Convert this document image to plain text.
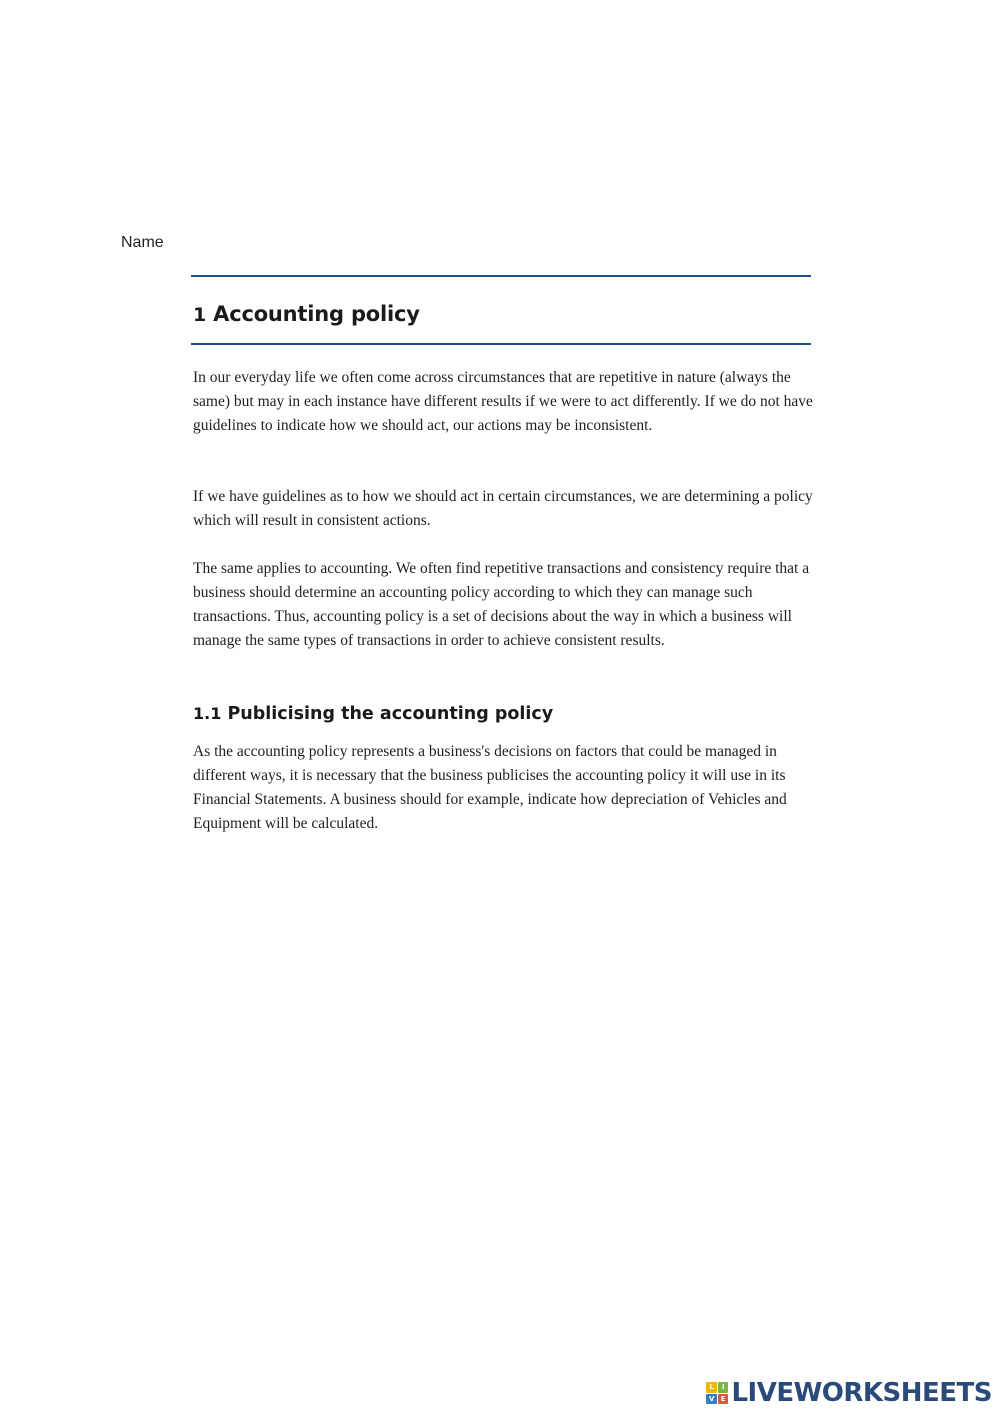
Name
1 Accounting policy

In our everyday life we often come across circumstances that are repetitive in nature (always the same) but may in each instance have different results if we were to act differently. If we do not have guidelines to indicate how we should act, our actions may be inconsistent.

If we have guidelines as to how we should act in certain circumstances, we are determining a policy which will result in consistent actions.

The same applies to accounting. We often find repetitive transactions and consistency require that a business should determine an accounting policy according to which they can manage such transactions. Thus, accounting policy is a set of decisions about the way in which a business will manage the same types of transactions in order to achieve consistent results.

1.1 Publicising the accounting policy

As the accounting policy represents a business's decisions on factors that could be managed in different ways, it is necessary that the business publicises the accounting policy it will use in its Financial Statements. A business should for example, indicate how depreciation of Vehicles and Equipment will be calculated.

L	I
V E LIVEWORKSHEETS
